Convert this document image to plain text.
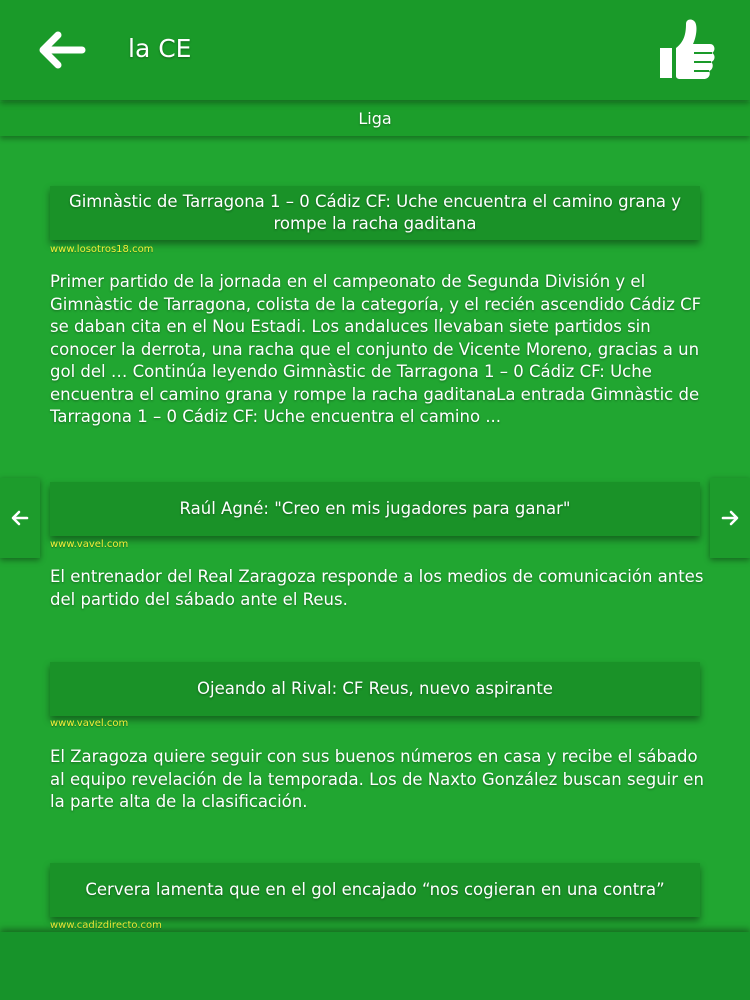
la CE
Liga
Gimnàstic de Tarragona 1 – 0 Cádiz CF: Uche encuentra el camino grana y rompe la racha gaditana
www.losotros18.com
Primer partido de la jornada en el campeonato de Segunda División y el Gimnàstic de Tarragona, colista de la categoría, y el recién ascendido Cádiz CF se daban cita en el Nou Estadi. Los andaluces llevaban siete partidos sin conocer la derrota, una racha que el conjunto de Vicente Moreno, gracias a un gol del … Continúa leyendo Gimnàstic de Tarragona 1 – 0 Cádiz CF: Uche encuentra el camino grana y rompe la racha gaditanaLa entrada Gimnàstic de Tarragona 1 – 0 Cádiz CF: Uche encuentra el camino ...
Raúl Agné: "Creo en mis jugadores para ganar"
www.vavel.com
El entrenador del Real Zaragoza responde a los medios de comunicación antes del partido del sábado ante el Reus.
Ojeando al Rival: CF Reus, nuevo aspirante
www.vavel.com
El Zaragoza quiere seguir con sus buenos números en casa y recibe el sábado al equipo revelación de la temporada. Los de Naxto González buscan seguir en la parte alta de la clasificación.
Cervera lamenta que en el gol encajado “nos cogieran en una contra”
www.cadizdirecto.com
